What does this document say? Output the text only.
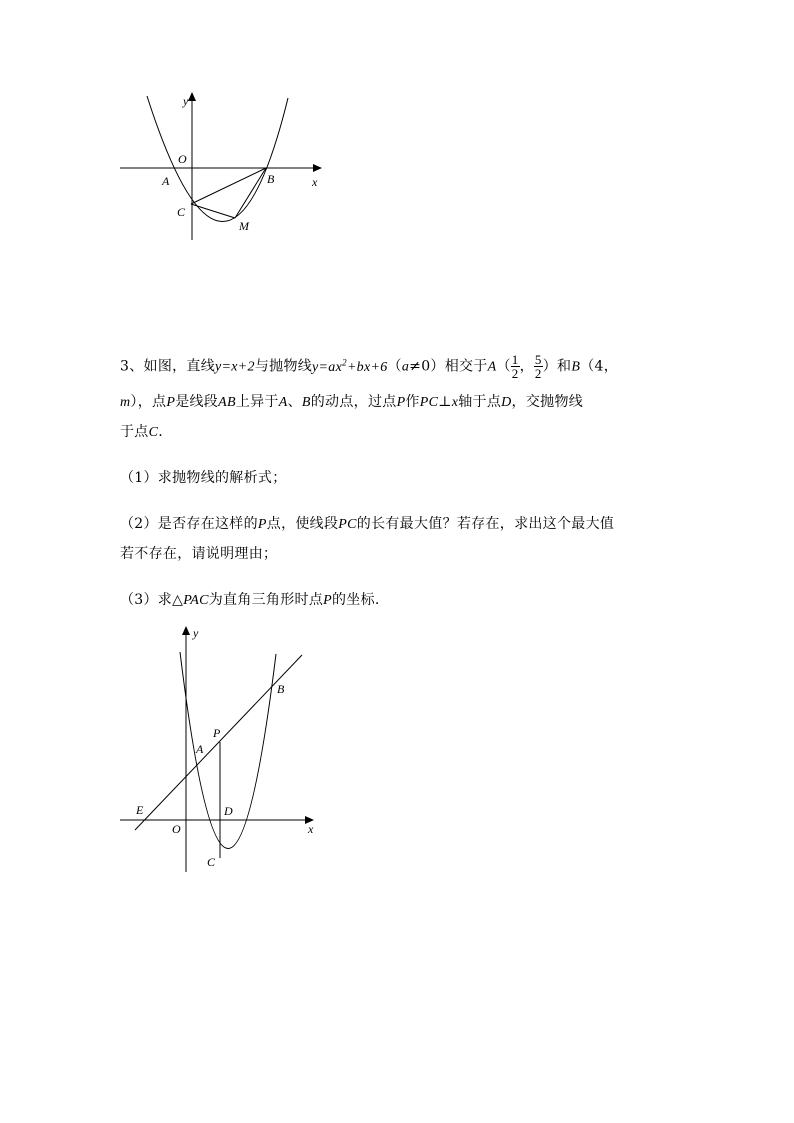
y
x
O
A	B
C
M
3、如图，直线y=x+2与抛物线$y=ax^2+bx+6(a\ne 0)$相交于$A( \frac{1}{2}$ ， $\frac{5}{2}$ ）和B（4，
m），点P是线段AB上异于A、B的动点，过点P作PC⊥x轴于点D，交抛物线
于点C.
（1）求抛物线的解析式；
（2）是否存在这样的P点，使线段PC的长有最大值？若存在，求出这个最大值
若不存在，请说明理由；
（3）求△PAC为直角三角形时点P的坐标.
y
x
O
E
A
P
B
D
C
